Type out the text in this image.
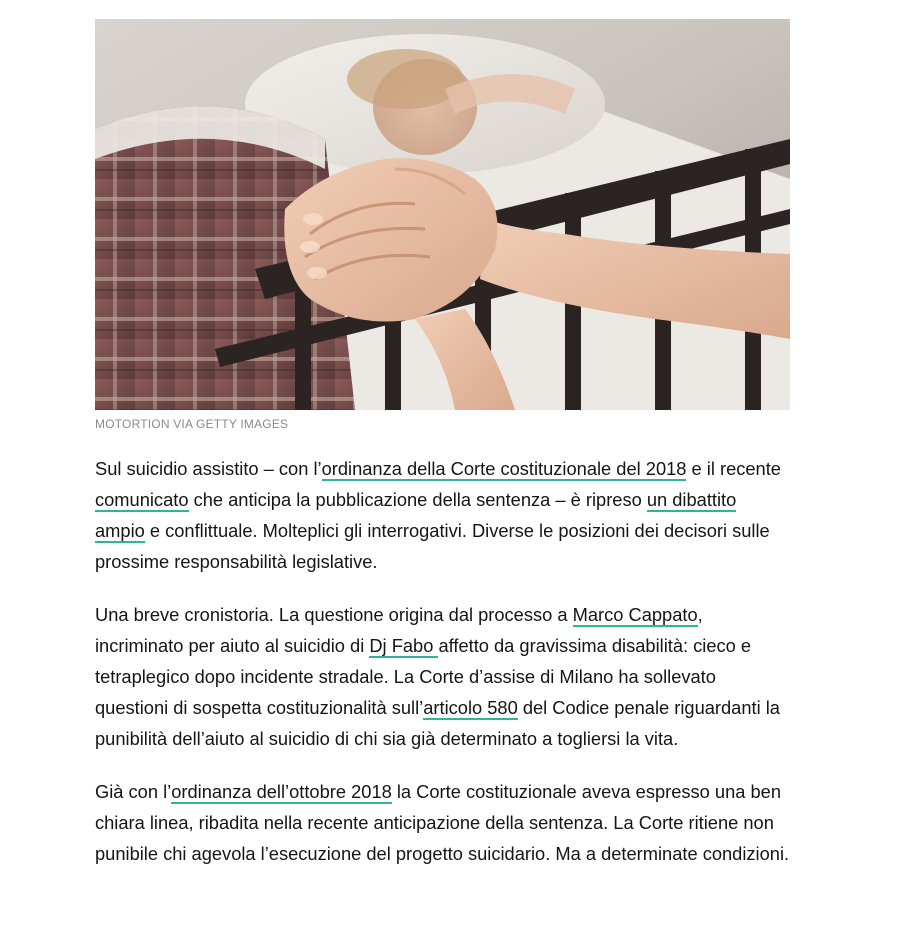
MOTORTION VIA GETTY IMAGES

Sul suicidio assistito – con l’ordinanza della Corte costituzionale del 2018 e il recente comunicato che anticipa la pubblicazione della sentenza – è ripreso un dibattito ampio e conflittuale. Molteplici gli interrogativi. Diverse le posizioni dei decisori sulle prossime responsabilità legislative.

Una breve cronistoria. La questione origina dal processo a Marco Cappato, incriminato per aiuto al suicidio di Dj Fabo affetto da gravissima disabilità: cieco e tetraplegico dopo incidente stradale. La Corte d’assise di Milano ha sollevato questioni di sospetta costituzionalità sull’articolo 580 del Codice penale riguardanti la punibilità dell’aiuto al suicidio di chi sia già determinato a togliersi la vita.

Già con l’ordinanza dell’ottobre 2018 la Corte costituzionale aveva espresso una ben chiara linea, ribadita nella recente anticipazione della sentenza. La Corte ritiene non punibile chi agevola l’esecuzione del progetto suicidario. Ma a determinate condizioni.
